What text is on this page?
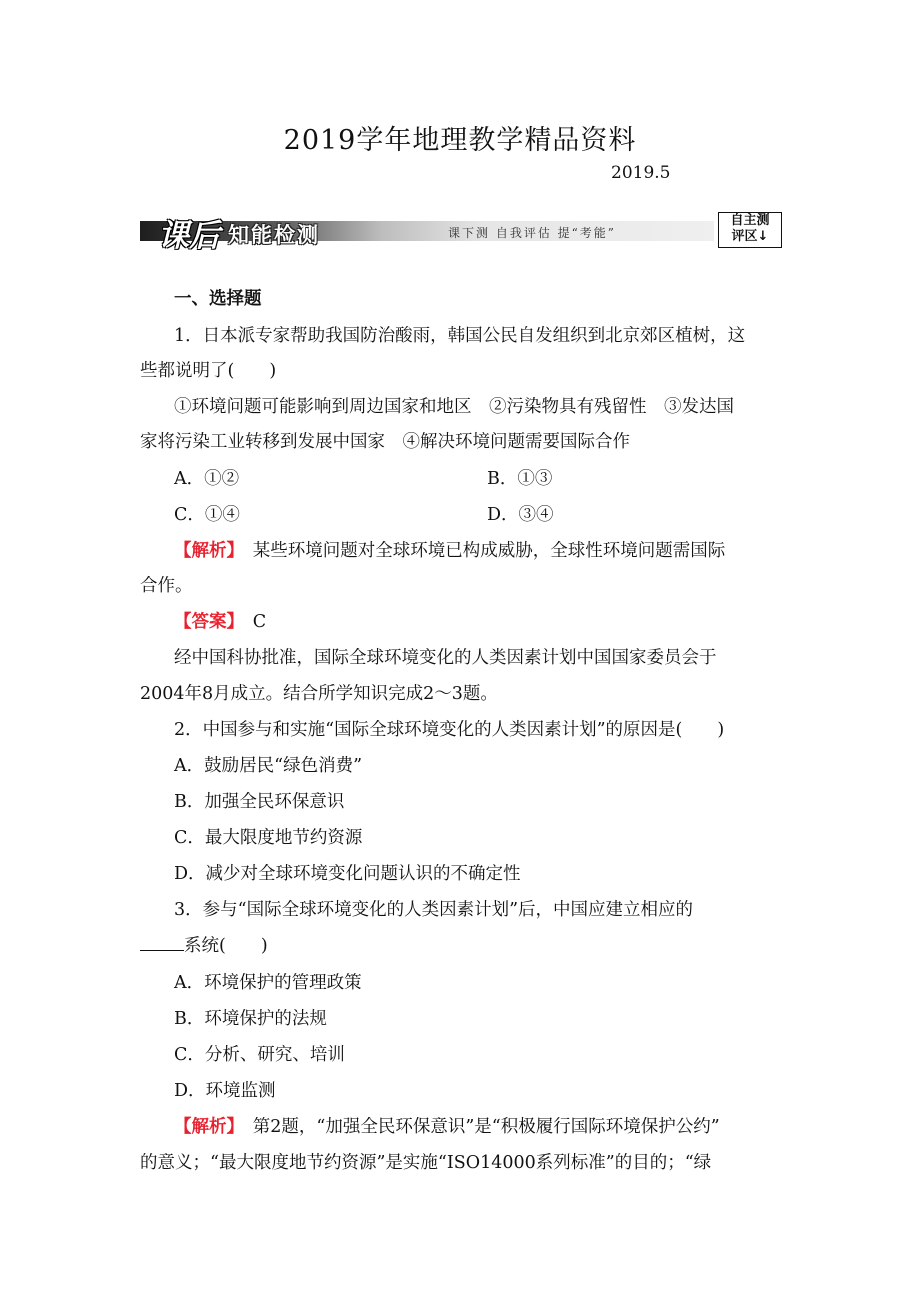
2019学年地理教学精品资料
2019.5
课后 知能检测	课下测 自我评估 提“考能”
自主测
评区↓
一、选择题
1．日本派专家帮助我国防治酸雨，韩国公民自发组织到北京郊区植树，这
些都说明了(　　)
①环境问题可能影响到周边国家和地区　②污染物具有残留性　③发达国
家将污染工业转移到发展中国家　④解决环境问题需要国际合作
A．①②	B．①③
C．①④	D．③④
【解析】　某些环境问题对全球环境已构成威胁，全球性环境问题需国际
合作。
【答案】　C
经中国科协批准，国际全球环境变化的人类因素计划中国国家委员会于
2004年8月成立。结合所学知识完成2～3题。
2．中国参与和实施“国际全球环境变化的人类因素计划”的原因是(　　)
A．鼓励居民“绿色消费”
B．加强全民环保意识
C．最大限度地节约资源
D．减少对全球环境变化问题认识的不确定性
3．参与“国际全球环境变化的人类因素计划”后，中国应建立相应的
系统(　　)
A．环境保护的管理政策
B．环境保护的法规
C．分析、研究、培训
D．环境监测
【解析】　第2题，“加强全民环保意识”是“积极履行国际环境保护公约”
的意义；“最大限度地节约资源”是实施“ISO14000系列标准”的目的；“绿
